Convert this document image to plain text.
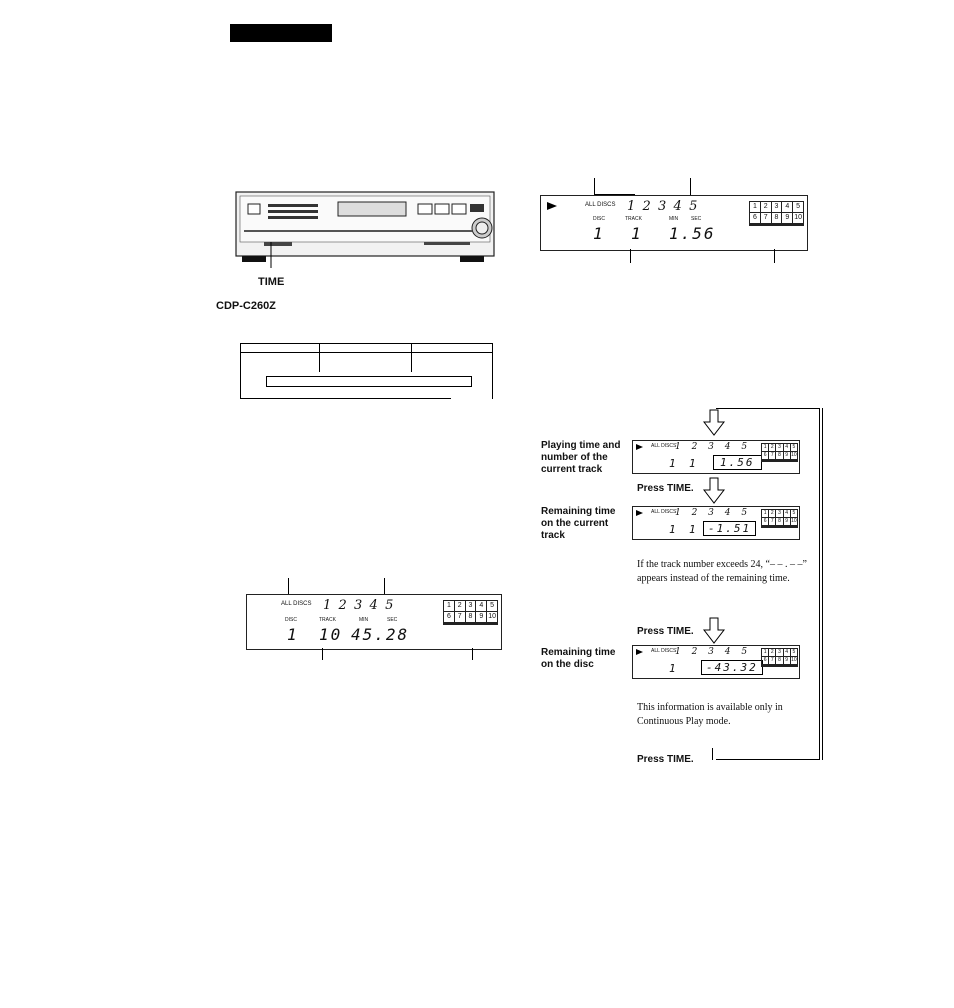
TIME
CDP-C260Z
ALL DISCS 1 2 3 4 5
DISC	TRACK	MIN	SEC
1 1 1.56
1 2 3 4 5
6 7 8 9 10
ALL DISCS 1 2 3 4 5
DISC	TRACK	MIN	SEC
1 10 45.28
1 2 3 4 5
6 7 8 9 10
Playing time and number of the current track
ALL DISCS
1 2 3 4 5
1 1	1.56
1 2 3 4 5
6 7 8 9 10
Press TIME.
Remaining time on the current track
ALL DISCS
1 2 3 4 5
1 1 -1.51
1 2 3 4 5
6 7 8 9 10
If the track number exceeds 24, “– – . – –” appears instead of the remaining time.
Press TIME.
Remaining time on the disc
ALL DISCS
1 2 3 4 5
1	-43.32
1 2 3 4 5
6 7 8 9 10
This information is available only in Continuous Play mode.
Press TIME.
